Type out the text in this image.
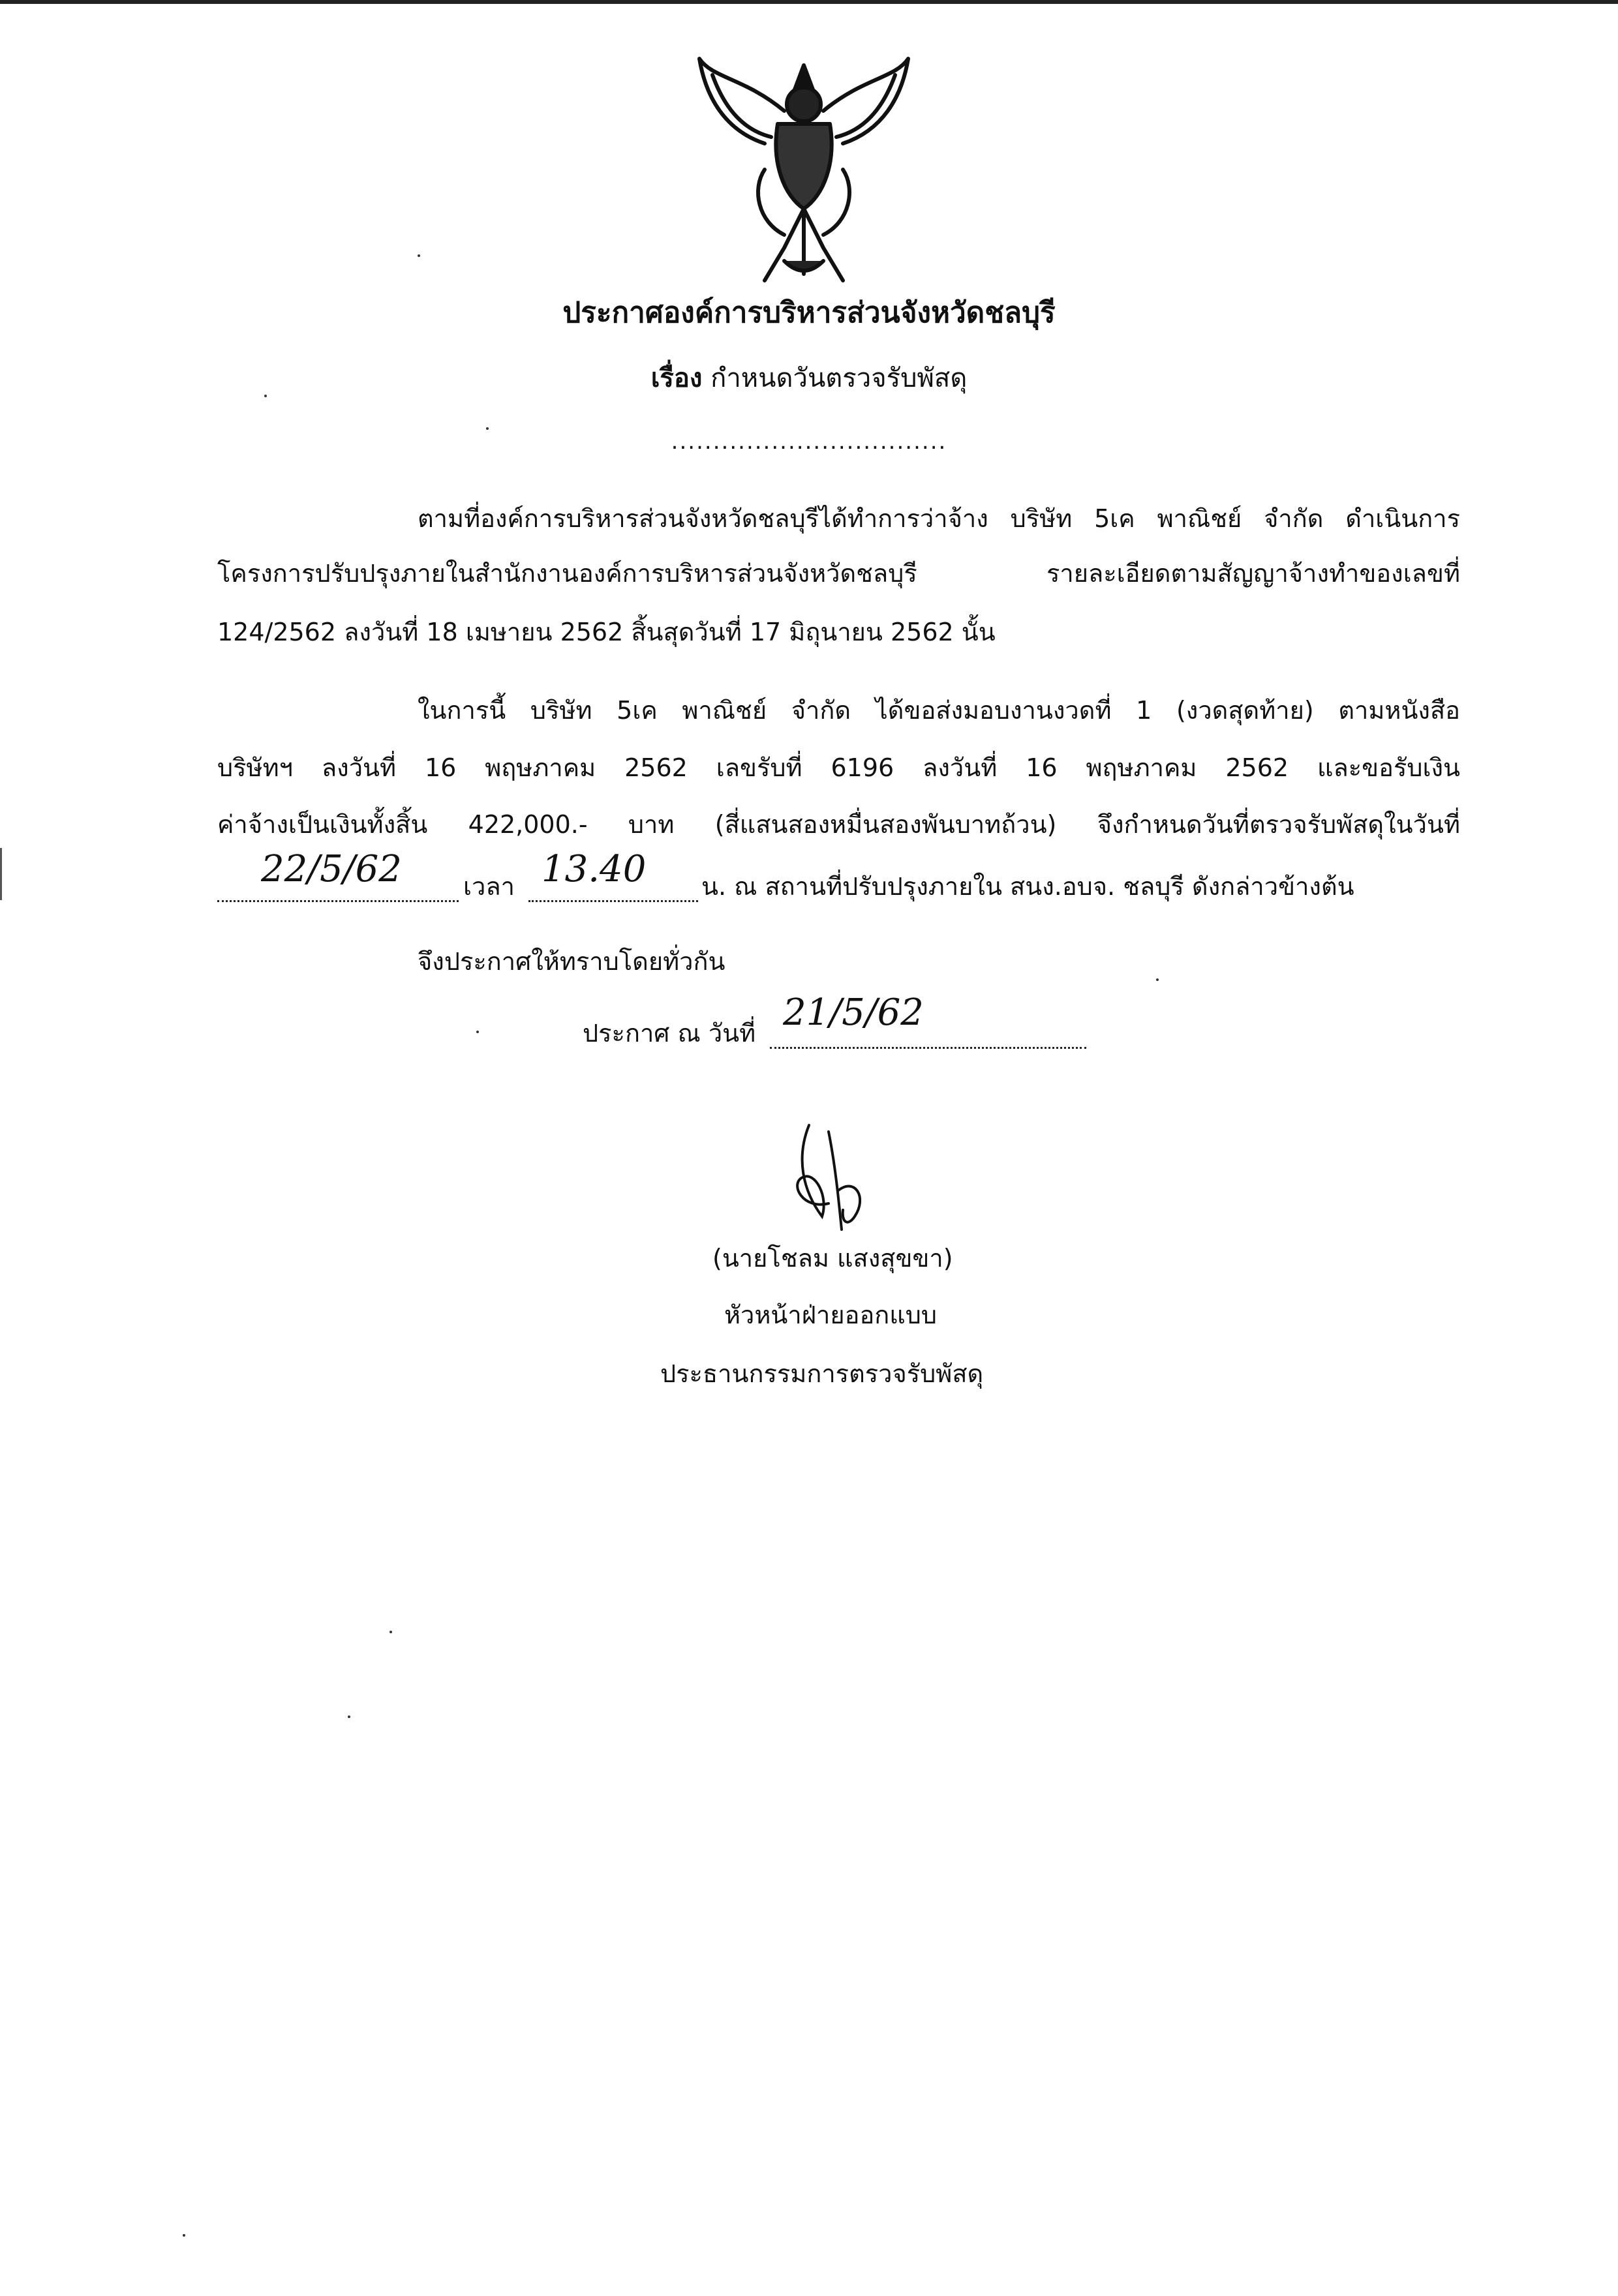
ประกาศองค์การบริหารส่วนจังหวัดชลบุรี
เรื่อง กำหนดวันตรวจรับพัสดุ
.................................
ตามที่องค์การบริหารส่วนจังหวัดชลบุรีได้ทำการว่าจ้าง บริษัท 5เค พาณิชย์ จำกัด ดำเนินการ
โครงการปรับปรุงภายในสำนักงานองค์การบริหารส่วนจังหวัดชลบุรี รายละเอียดตามสัญญาจ้างทำของเลขที่
124/2562 ลงวันที่ 18 เมษายน 2562 สิ้นสุดวันที่ 17 มิถุนายน 2562 นั้น
ในการนี้ บริษัท 5เค พาณิชย์ จำกัด ได้ขอส่งมอบงานงวดที่ 1 (งวดสุดท้าย) ตามหนังสือ
บริษัทฯ ลงวันที่ 16 พฤษภาคม 2562 เลขรับที่ 6196 ลงวันที่ 16 พฤษภาคม 2562 และขอรับเงิน
ค่าจ้างเป็นเงินทั้งสิ้น 422,000.- บาท (สี่แสนสองหมื่นสองพันบาทถ้วน) จึงกำหนดวันที่ตรวจรับพัสดุในวันที่
22/5/62 เวลา 13.40 น. ณ สถานที่ปรับปรุงภายใน สนง.อบจ. ชลบุรี ดังกล่าวข้างต้น
จึงประกาศให้ทราบโดยทั่วกัน
ประกาศ ณ วันที่ 21/5/62
(นายโชลม แสงสุขขา)
หัวหน้าฝ่ายออกแบบ
ประธานกรรมการตรวจรับพัสดุ
